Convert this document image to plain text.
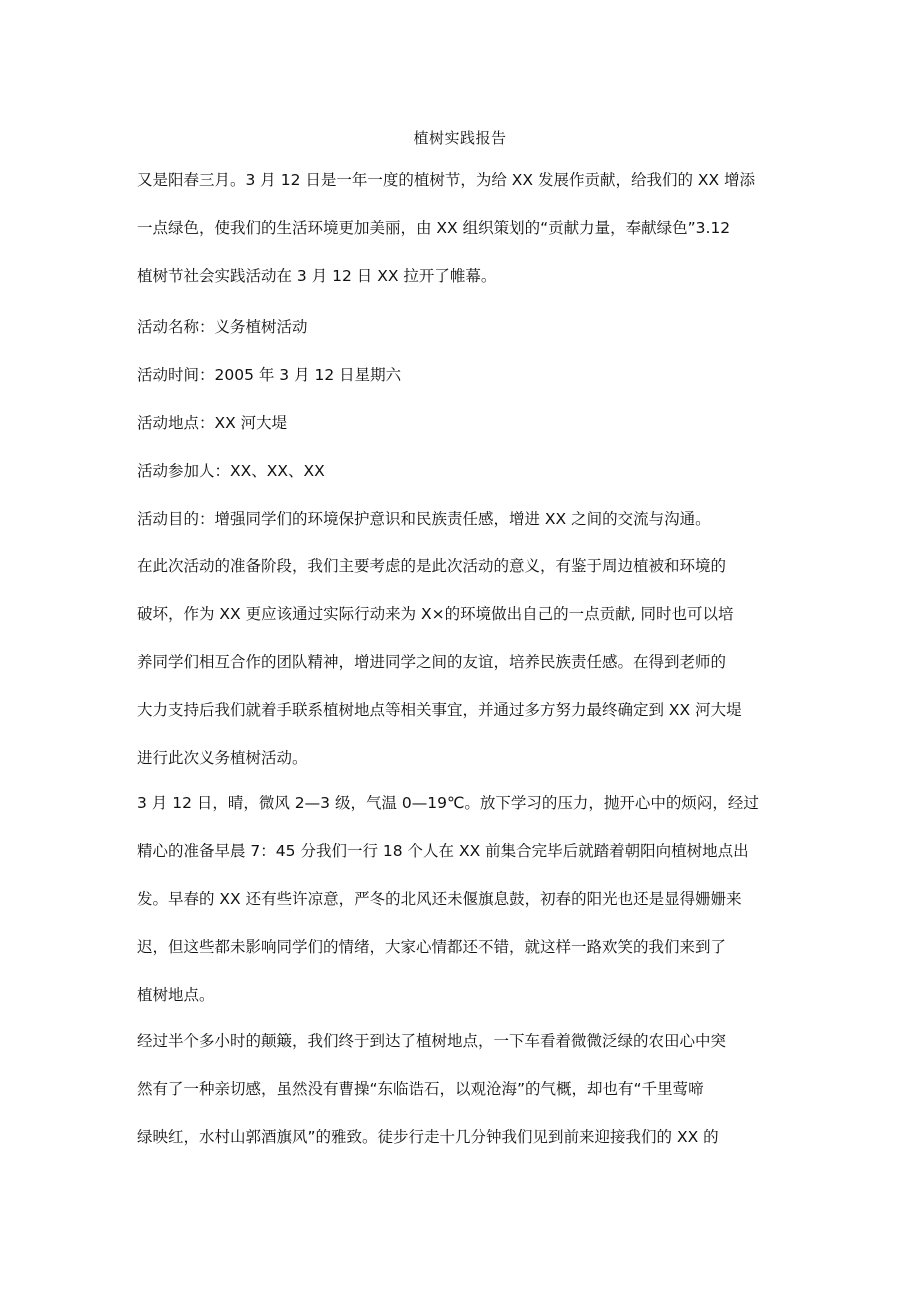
植树实践报告
又是阳春三月。3 月 12 日是一年一度的植树节，为给 XX 发展作贡献，给我们的 XX 增添
一点绿色，使我们的生活环境更加美丽，由 XX 组织策划的“贡献力量，奉献绿色”3.12
植树节社会实践活动在 3 月 12 日 XX 拉开了帷幕。
活动名称：义务植树活动
活动时间：2005 年 3 月 12 日星期六
活动地点：XX 河大堤
活动参加人：XX、XX、XX
活动目的：增强同学们的环境保护意识和民族责任感，增进 XX 之间的交流与沟通。
在此次活动的准备阶段，我们主要考虑的是此次活动的意义，有鉴于周边植被和环境的
破坏，作为 XX 更应该通过实际行动来为 X×的环境做出自己的一点贡献, 同时也可以培
养同学们相互合作的团队精神，增进同学之间的友谊，培养民族责任感。在得到老师的
大力支持后我们就着手联系植树地点等相关事宜，并通过多方努力最终确定到 XX 河大堤
进行此次义务植树活动。
3 月 12 日，晴，微风 2—3 级，气温 0—19℃。放下学习的压力，抛开心中的烦闷，经过
精心的准备早晨 7：45 分我们一行 18 个人在 XX 前集合完毕后就踏着朝阳向植树地点出
发。早春的 XX 还有些许凉意，严冬的北风还未偃旗息鼓，初春的阳光也还是显得姗姗来
迟，但这些都未影响同学们的情绪，大家心情都还不错，就这样一路欢笑的我们来到了
植树地点。
经过半个多小时的颠簸，我们终于到达了植树地点，一下车看着微微泛绿的农田心中突
然有了一种亲切感，虽然没有曹操“东临诰石，以观沧海”的气概，却也有“千里莺啼
绿映红，水村山郭酒旗风”的雅致。徒步行走十几分钟我们见到前来迎接我们的 XX 的
